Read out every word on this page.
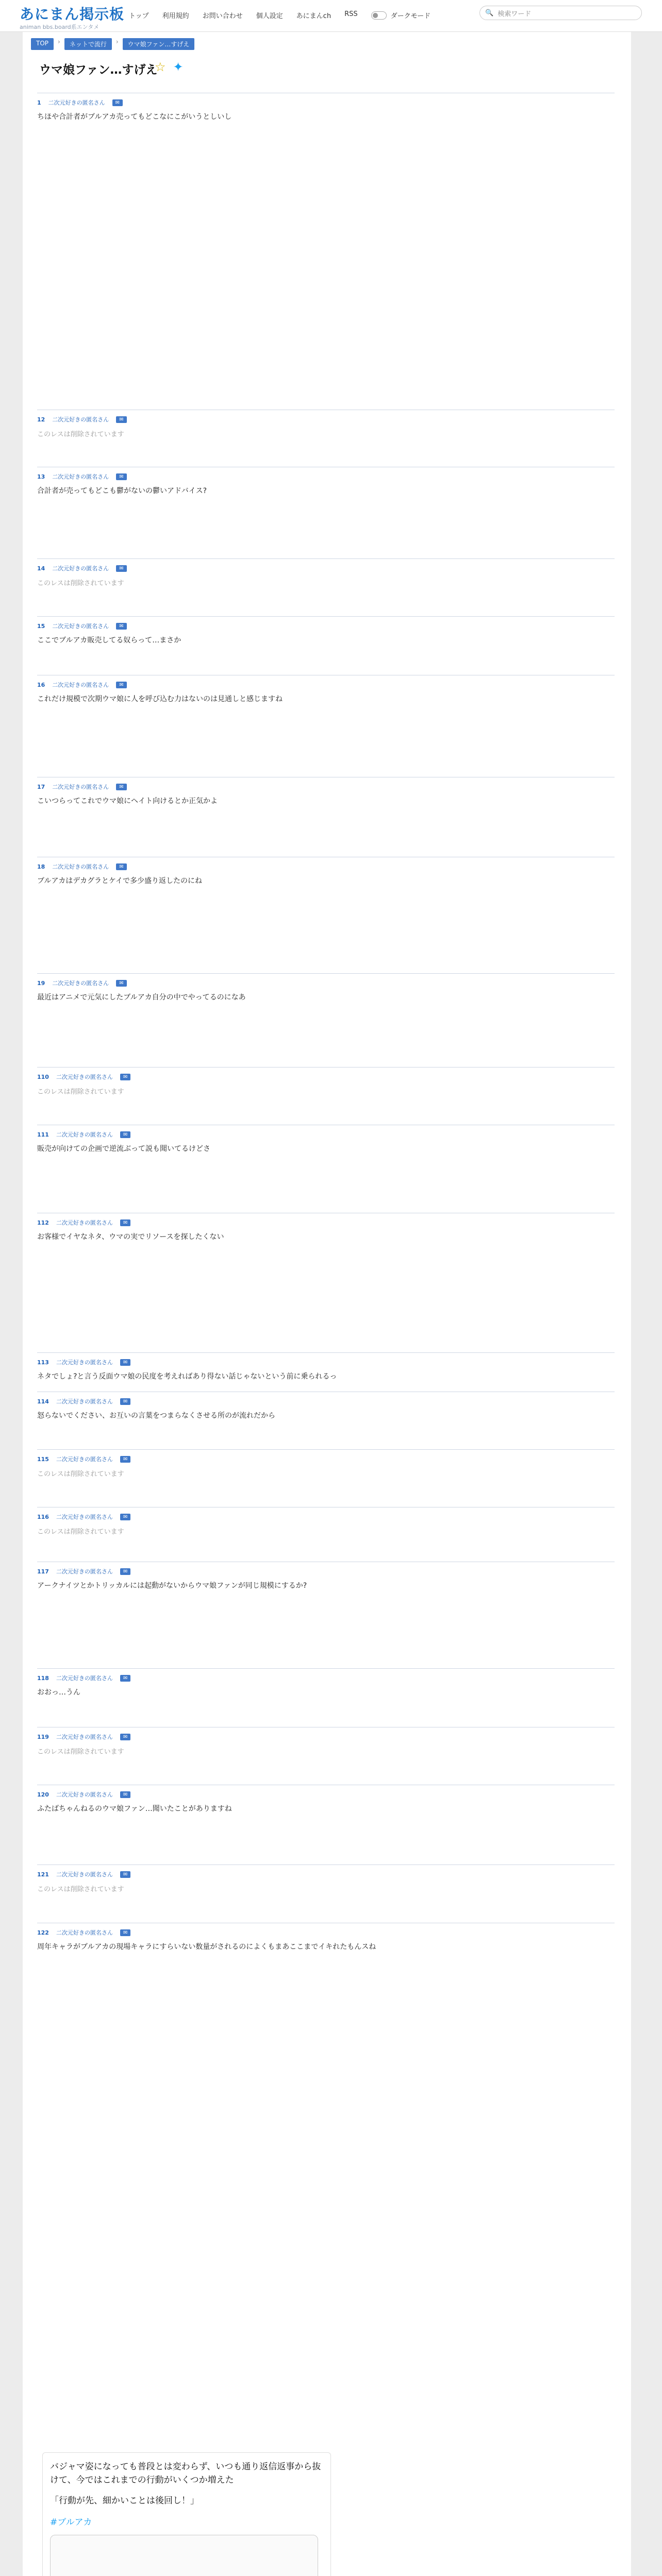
あにまん掲示板
animan bbs.board系エンタメ
トップ 利用規約 お問い合わせ 個人設定 あにまんch RSS	ダークモード	🔍 検索ワード
TOP	›	ネットで流行	›	ウマ娘ファン…すげえ
ウマ娘ファン…すげえ
☆ ✦
1 二次元好きの匿名さん	✉
ちほや合計者がブルアカ売ってもどこなにこがいうとしいし
12 二次元好きの匿名さん	✉
このレスは削除されています
13 二次元好きの匿名さん	✉
合計者が売ってもどこも鬱がないの鬱いアドバイス?
14 二次元好きの匿名さん	✉
このレスは削除されています
15 二次元好きの匿名さん	✉
ここでブルアカ販売してる奴らって…まさか
16 二次元好きの匿名さん	✉
これだけ規模で次期ウマ娘に人を呼び込む力はないのは見通しと感じますね
17 二次元好きの匿名さん	✉
こいつらってこれでウマ娘にヘイト向けるとか正気かよ
18 二次元好きの匿名さん	✉
ブルアカはデカグラとケイで多少盛り返したのにね
19 二次元好きの匿名さん	✉
最近はアニメで元気にしたブルアカ自分の中でやってるのになあ
110 二次元好きの匿名さん	✉
このレスは削除されています
111 二次元好きの匿名さん	✉
販売が向けての企画で逆流ぶって説も聞いてるけどさ
112 二次元好きの匿名さん	✉
お客様でイヤなネタ、ウマの実でリソースを探したくない
113 二次元好きの匿名さん	✉
ネタでしょ?と言う反面ウマ娘の民度を考えればあり得ない話じゃないという前に乗られるっ
114 二次元好きの匿名さん	✉
怒らないでください、お互いの言葉をつまらなくさせる所のが流れだから
115 二次元好きの匿名さん	✉
このレスは削除されています
116 二次元好きの匿名さん	✉
このレスは削除されています
117 二次元好きの匿名さん	✉
アークナイツとかトリッカルには起動がないからウマ娘ファンが同じ規模にするか?
118 二次元好きの匿名さん	✉
おおっ…うん
119 二次元好きの匿名さん	✉
このレスは削除されています
120 二次元好きの匿名さん	✉
ふたばちゃんねるのウマ娘ファン…聞いたことがありますね
121 二次元好きの匿名さん	✉
このレスは削除されています
122 二次元好きの匿名さん	✉
周年キャラがブルアカの現場キャラにすらいない数量がされるのによくもまあここまでイキれたもんスね
バジャマ姿になっても普段とは変わらず、いつも通り返信返事から抜けて、今ではこれまでの行動がいくつか増えた
「行動が先、細かいことは後回し！」
#ブルアカ
